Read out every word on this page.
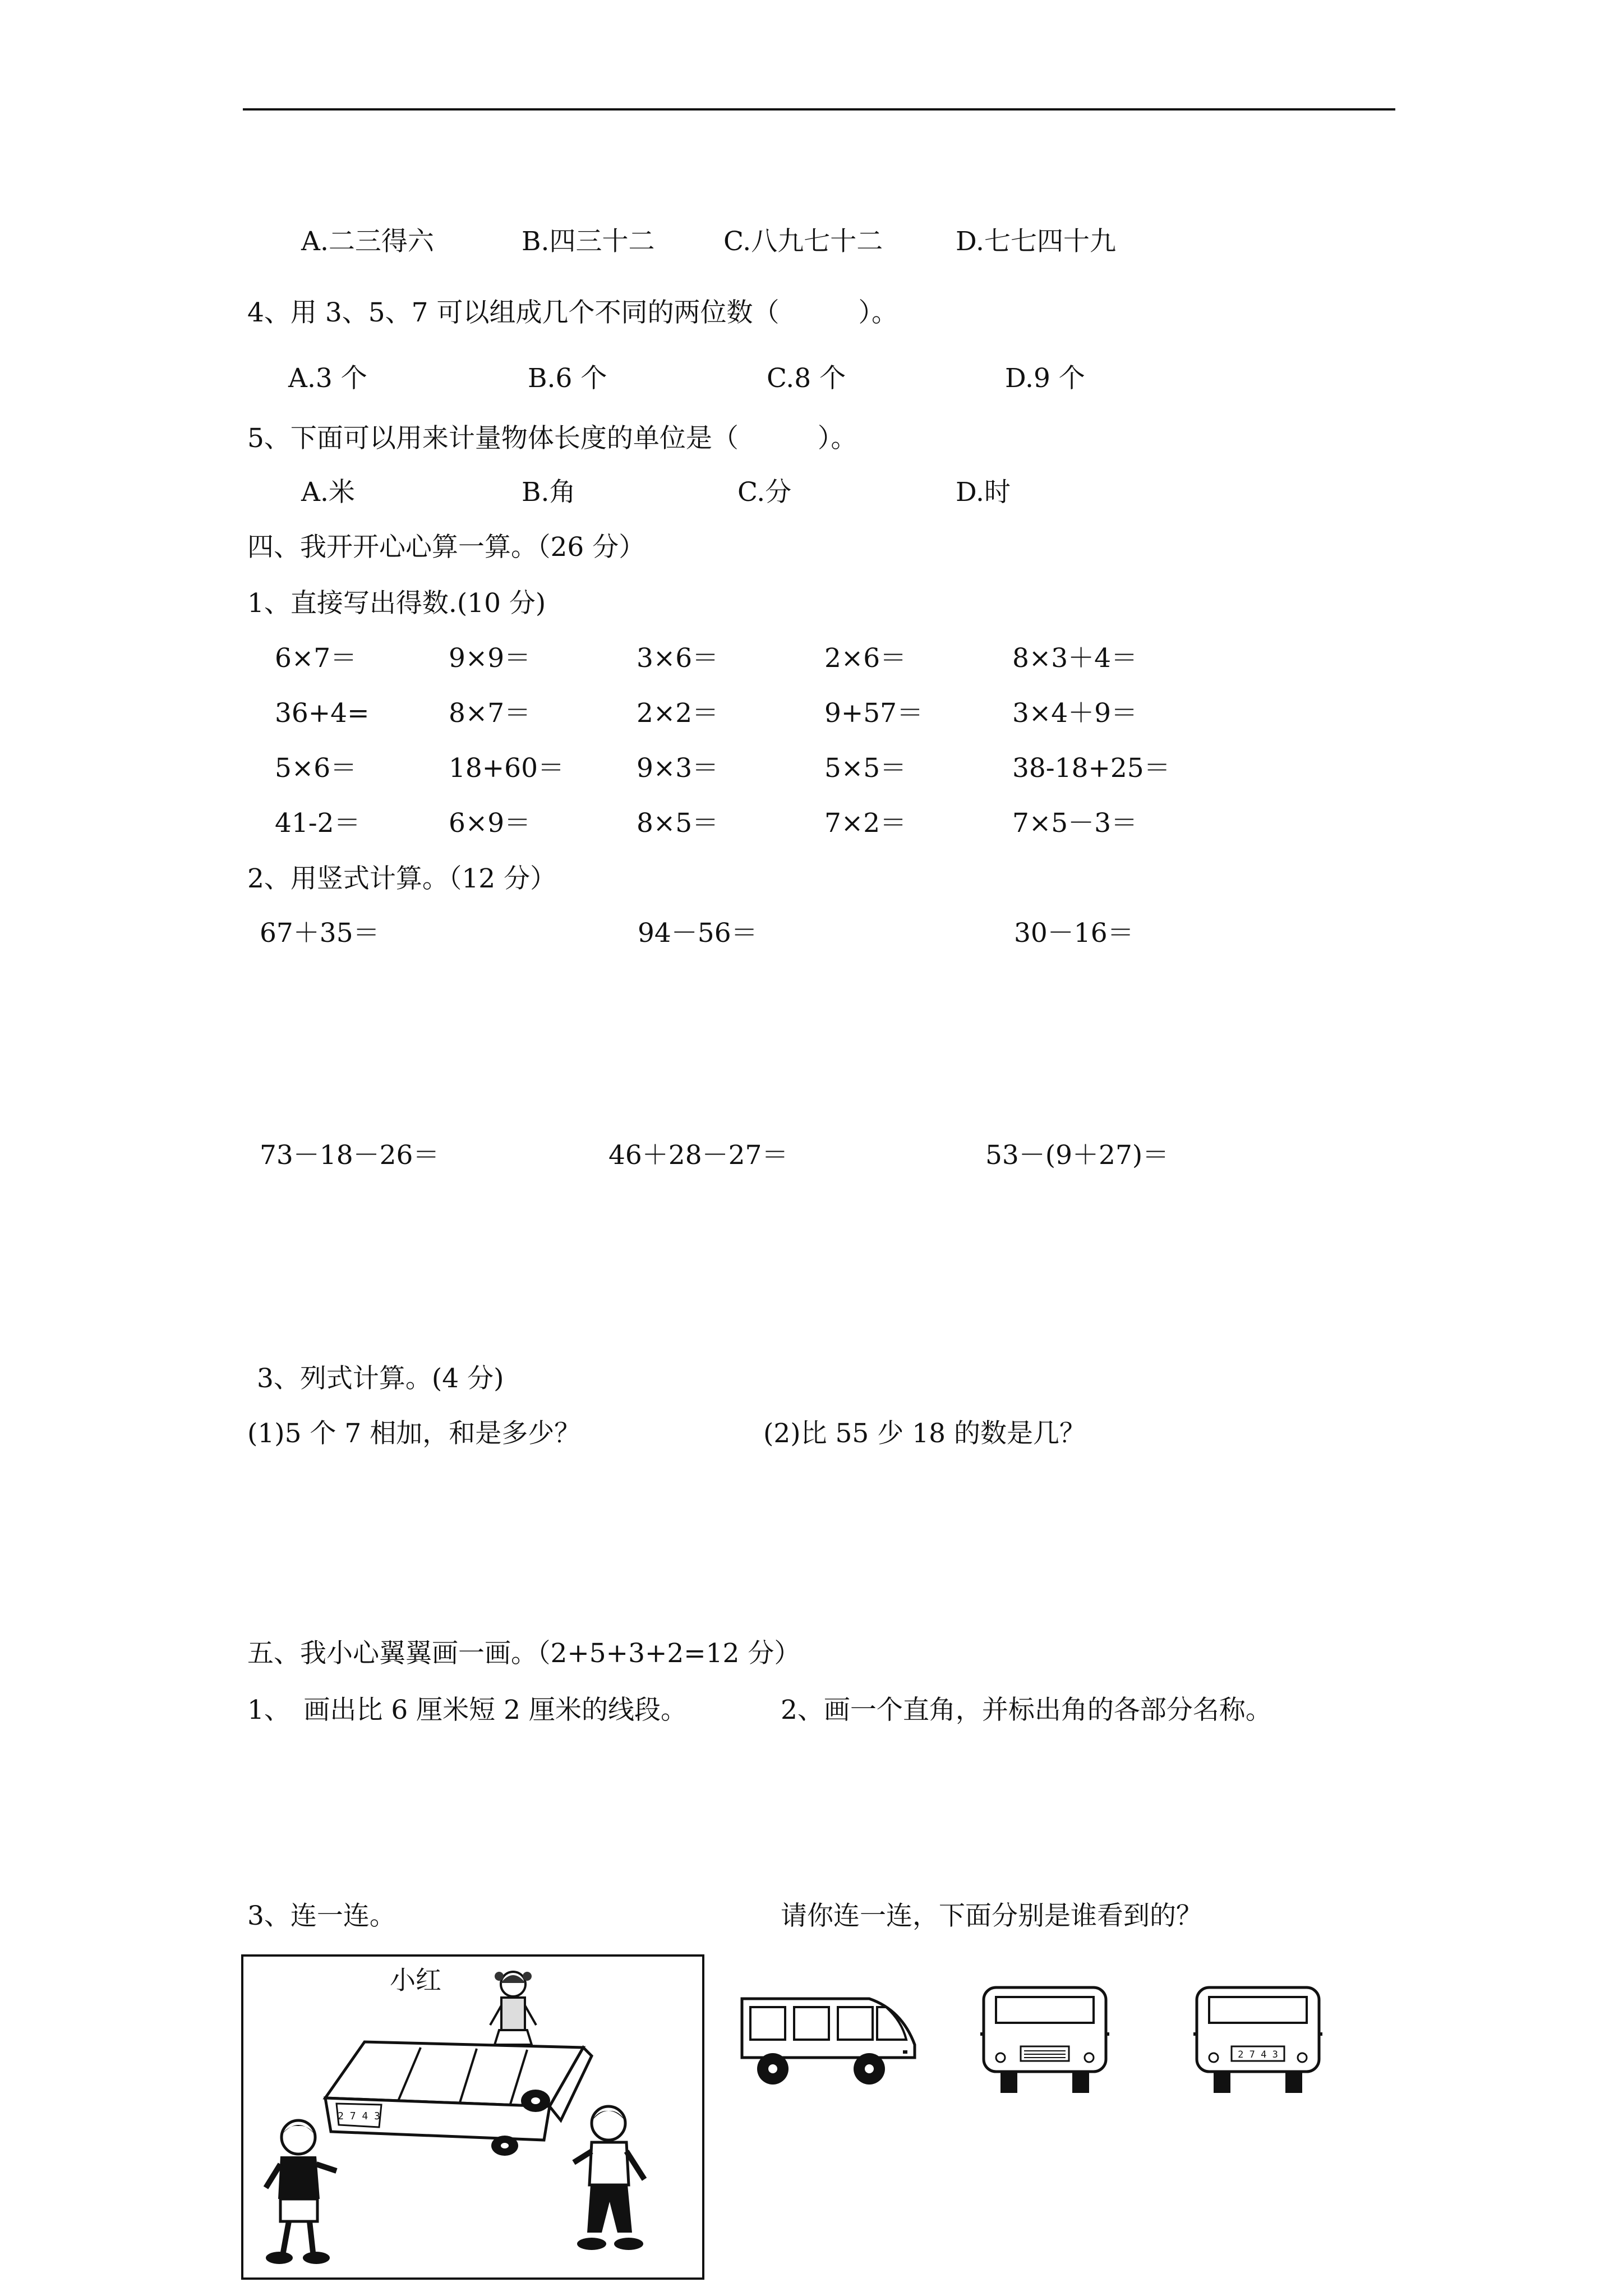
A.二三得六	B.四三十二	C.八九七十二	D.七七四十九
4、用 3、5、7 可以组成几个不同的两位数（　　　）。
A.3 个	B.6 个	C.8 个	D.9 个
5、下面可以用来计量物体长度的单位是（　　　）。
A.米	B.角	C.分	D.时
四、我开开心心算一算。（26 分）
1、直接写出得数.(10 分)
6×7＝	9×9＝	3×6＝	2×6＝	8×3＋4＝
36+4=	8×7＝	2×2＝	9+57＝	3×4＋9＝
5×6＝	18+60＝	9×3＝	5×5＝	38-18+25＝
41-2＝	6×9＝	8×5＝	7×2＝	7×5－3＝
2、用竖式计算。（12 分）
67＋35＝	94－56＝	30－16＝
73－18－26＝	46＋28－27＝	53－(9＋27)＝
3、列式计算。(4 分)
(1)5 个 7 相加，和是多少？	(2)比 55 少 18 的数是几？
五、我小心翼翼画一画。（2+5+3+2=12 分）
1、　画出比 6 厘米短 2 厘米的线段。	2、画一个直角，并标出角的各部分名称。
3、连一连。	请你连一连，下面分别是谁看到的？
小红
2 7 4 3
2 7 4 3
